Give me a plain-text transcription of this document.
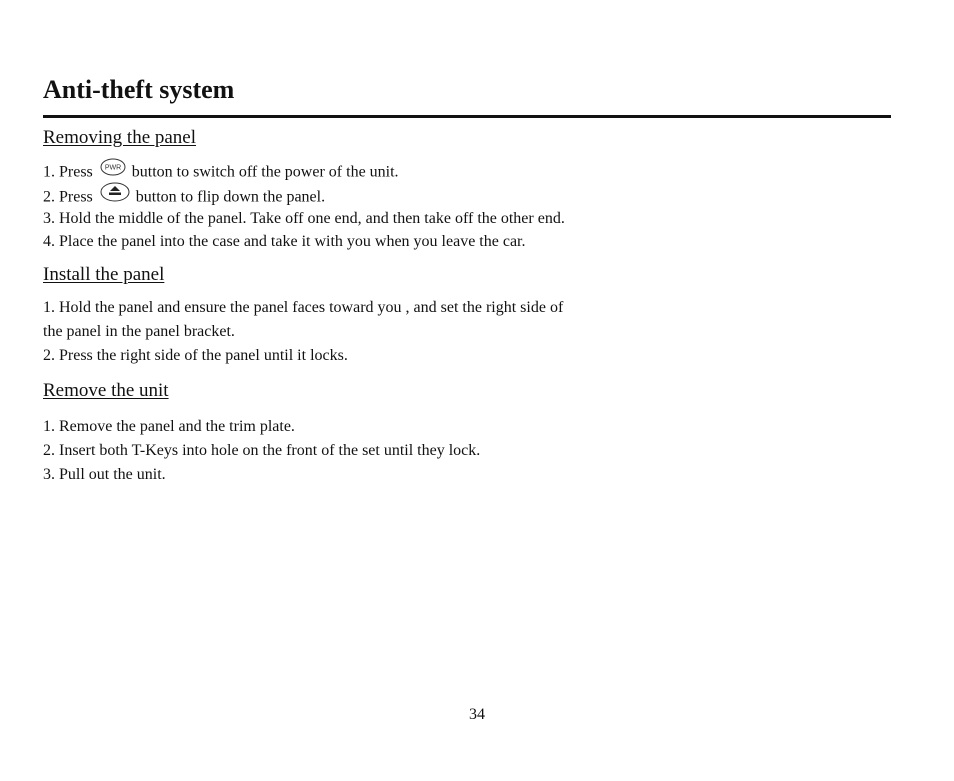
Anti-theft system
Removing the panel
1. Press PWR button to switch off the power of the unit.
2. Press	button to flip down the panel.
3. Hold the middle of the panel. Take off one end, and then take off the other end.
4. Place the panel into the case and take it with you when you leave the car.
Install the panel
1. Hold the panel and ensure the panel faces toward you , and set the right side of
the panel in the panel bracket.
2. Press the right side of the panel until it locks.
Remove the unit
1. Remove the panel and the trim plate.
2. Insert both T-Keys into hole on the front of the set until they lock.
3. Pull out the unit.
34
